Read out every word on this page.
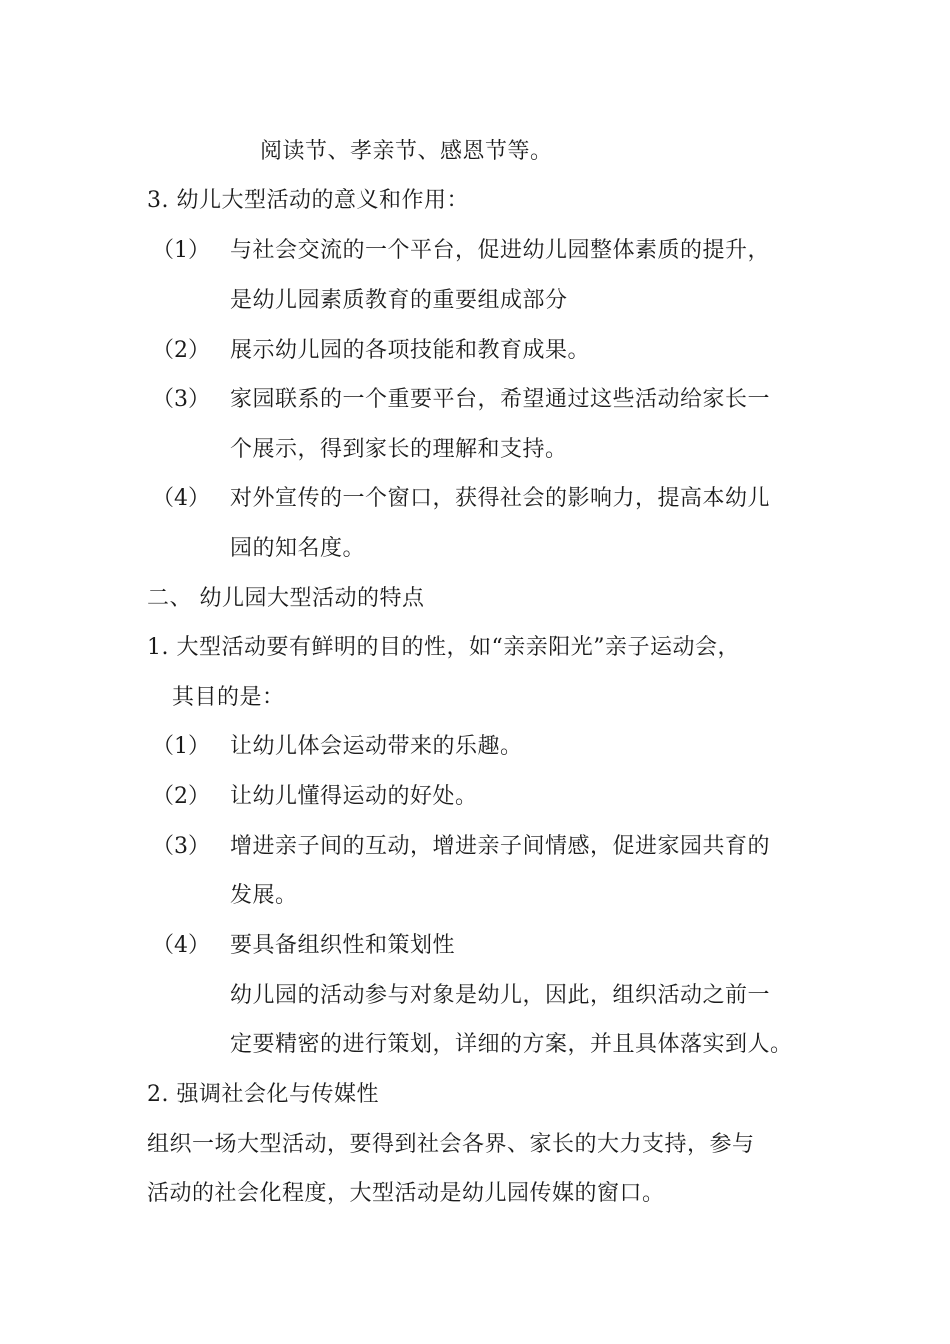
阅读节、孝亲节、感恩节等。
3. 幼儿大型活动的意义和作用：
（1） 与社会交流的一个平台，促进幼儿园整体素质的提升，
是幼儿园素质教育的重要组成部分
（2） 展示幼儿园的各项技能和教育成果。
（3） 家园联系的一个重要平台，希望通过这些活动给家长一
个展示，得到家长的理解和支持。
（4） 对外宣传的一个窗口，获得社会的影响力，提高本幼儿
园的知名度。
二、 幼儿园大型活动的特点
1. 大型活动要有鲜明的目的性，如“亲亲阳光”亲子运动会，
其目的是：
（1） 让幼儿体会运动带来的乐趣。
（2） 让幼儿懂得运动的好处。
（3） 增进亲子间的互动，增进亲子间情感，促进家园共育的
发展。
（4） 要具备组织性和策划性
幼儿园的活动参与对象是幼儿，因此，组织活动之前一
定要精密的进行策划，详细的方案，并且具体落实到人。
2. 强调社会化与传媒性
组织一场大型活动，要得到社会各界、家长的大力支持，参与
活动的社会化程度，大型活动是幼儿园传媒的窗口。
